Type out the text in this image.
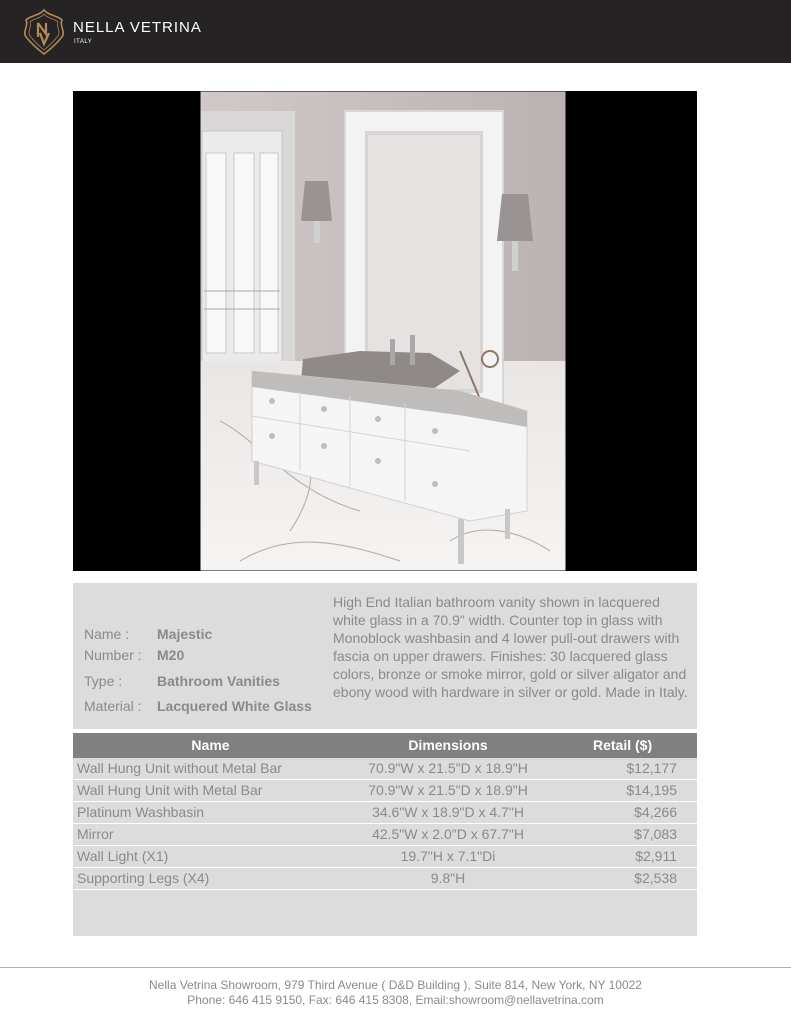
NELLA VETRINA
ITALY
Name : Majestic
Number : M20
Type : Bathroom Vanities
Material : Lacquered White Glass
High End Italian bathroom vanity shown in lacquered white glass in a 70.9" width. Counter top in glass with Monoblock washbasin and 4 lower pull-out drawers with fascia on upper drawers. Finishes: 30 lacquered glass colors, bronze or smoke mirror, gold or silver aligator and ebony wood with hardware in silver or gold. Made in Italy.
Name	Dimensions	Retail ($)
Wall Hung Unit without Metal Bar	70.9"W x 21.5"D x 18.9"H	$12,177
Wall Hung Unit with Metal Bar	70.9"W x 21.5"D x 18.9"H	$14,195
Platinum Washbasin	34.6"W x 18.9"D x 4.7"H	$4,266
Mirror	42.5"W x 2.0"D x 67.7"H	$7,083
Wall Light (X1)	19.7"H x 7.1"Di	$2,911
Supporting Legs (X4)	9.8"H	$2,538
Nella Vetrina Showroom, 979 Third Avenue ( D&D Building ), Suite 814, New York, NY 10022
Phone: 646 415 9150, Fax: 646 415 8308, Email:showroom@nellavetrina.com
